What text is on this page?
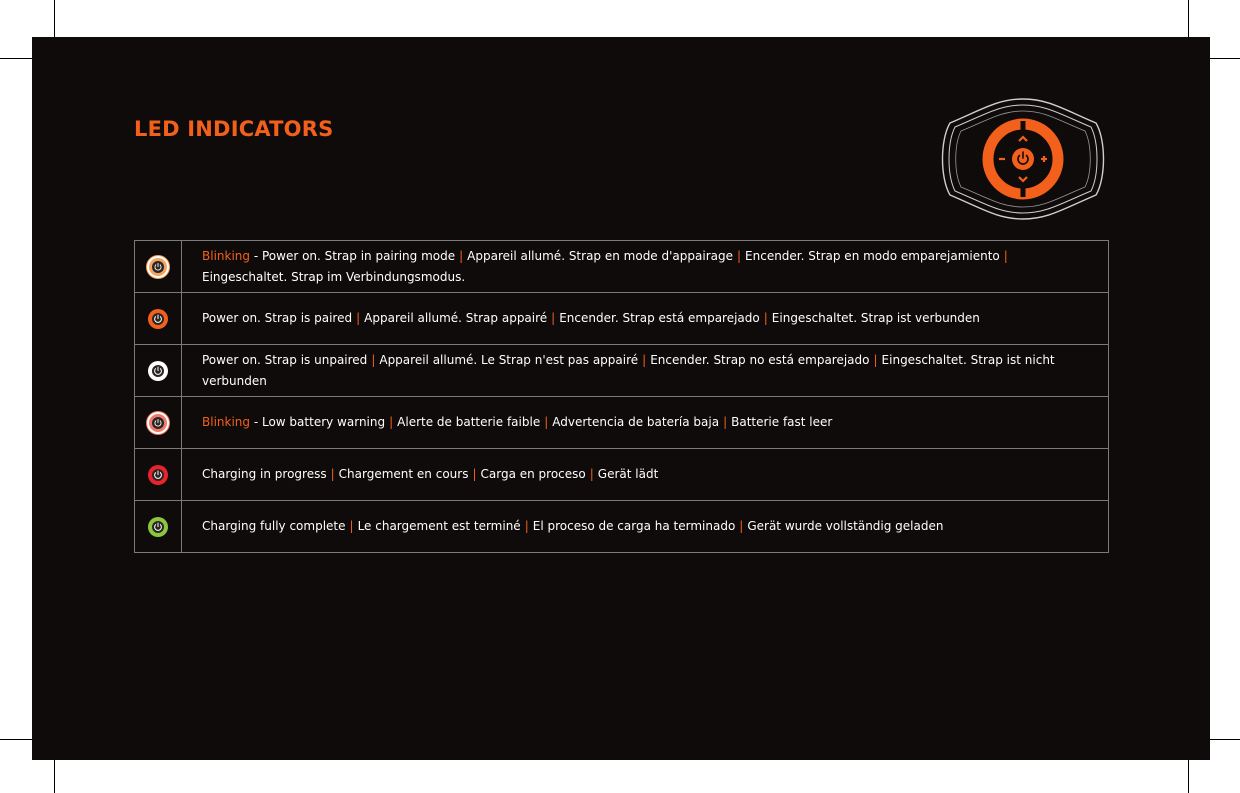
LED INDICATORS
	Blinking - Power on. Strap in pairing mode | Appareil allumé. Strap en mode d'appairage | Encender. Strap en modo emparejamiento |
Eingeschaltet. Strap im Verbindungsmodus.

	Power on. Strap is paired | Appareil allumé. Strap appairé | Encender. Strap está emparejado | Eingeschaltet. Strap ist verbunden

	Power on. Strap is unpaired | Appareil allumé. Le Strap n'est pas appairé | Encender. Strap no está emparejado | Eingeschaltet. Strap ist nicht verbunden

	Blinking - Low battery warning | Alerte de batterie faible | Advertencia de batería baja | Batterie fast leer

	Charging in progress | Chargement en cours | Carga en proceso | Gerät lädt

	Charging fully complete | Le chargement est terminé | El proceso de carga ha terminado | Gerät wurde vollständig geladen
